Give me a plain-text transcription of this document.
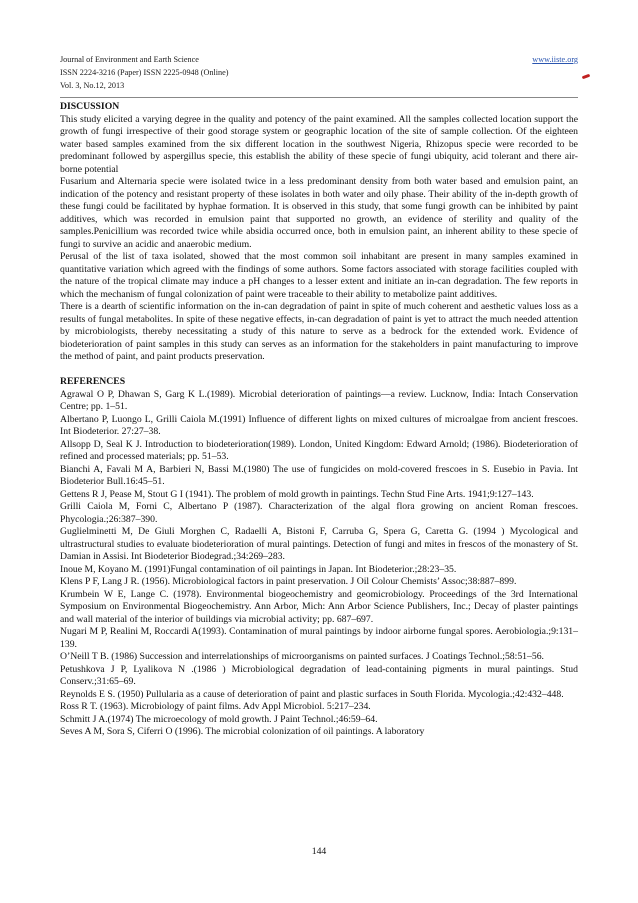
Journal of Environment and Earth Science
ISSN 2224-3216 (Paper) ISSN 2225-0948 (Online)
Vol. 3, No.12, 2013
www.iiste.org
DISCUSSION
This study elicited a varying degree in the quality and potency of the paint examined. All the samples collected location support the growth of fungi irrespective of their good storage system or geographic location of the site of sample collection. Of the eighteen water based samples examined from the six different location in the southwest Nigeria, Rhizopus specie were recorded to be predominant followed by aspergillus specie, this establish the ability of these specie of fungi ubiquity, acid tolerant and there air-borne potential
Fusarium and Alternaria specie were isolated twice in a less predominant density from both water based and emulsion paint, an indication of the potency and resistant property of these isolates in both water and oily phase. Their ability of the in-depth growth of these fungi could be facilitated by hyphae formation. It is observed in this study, that some fungi growth can be inhibited by paint additives, which was recorded in emulsion paint that supported no growth, an evidence of sterility and quality of the samples.Penicillium was recorded twice while absidia occurred once, both in emulsion paint, an inherent ability to these specie of fungi to survive an acidic and anaerobic medium.
Perusal of the list of taxa isolated, showed that the most common soil inhabitant are present in many samples examined in quantitative variation which agreed with the findings of some authors. Some factors associated with storage facilities coupled with the nature of the tropical climate may induce a pH changes to a lesser extent and initiate an in-can degradation. The few reports in which the mechanism of fungal colonization of paint were traceable to their ability to metabolize paint additives.
There is a dearth of scientific information on the in-can degradation of paint in spite of much coherent and aesthetic values loss as a results of fungal metabolites. In spite of these negative effects, in-can degradation of paint is yet to attract the much needed attention by microbiologists, thereby necessitating a study of this nature to serve as a bedrock for the extended work. Evidence of biodeterioration of paint samples in this study can serves as an information for the stakeholders in paint manufacturing to improve the method of paint, and paint products preservation.
REFERENCES
Agrawal O P, Dhawan S, Garg K L.(1989). Microbial deterioration of paintings—a review. Lucknow, India: Intach Conservation Centre; pp. 1–51.
Albertano P, Luongo L, Grilli Caiola M.(1991) Influence of different lights on mixed cultures of microalgae from ancient frescoes. Int Biodeterior. 27:27–38.
Allsopp D, Seal K J. Introduction to biodeterioration(1989). London, United Kingdom: Edward Arnold; (1986). Biodeterioration of refined and processed materials; pp. 51–53.
Bianchi A, Favali M A, Barbieri N, Bassi M.(1980) The use of fungicides on mold-covered frescoes in S. Eusebio in Pavia. Int Biodeterior Bull.16:45–51.
Gettens R J, Pease M, Stout G I (1941). The problem of mold growth in paintings. Techn Stud Fine Arts. 1941;9:127–143.
Grilli Caiola M, Forni C, Albertano P (1987). Characterization of the algal flora growing on ancient Roman frescoes. Phycologia.;26:387–390.
Guglielminetti M, De Giuli Morghen C, Radaelli A, Bistoni F, Carruba G, Spera G, Caretta G. (1994 ) Mycological and ultrastructural studies to evaluate biodeterioration of mural paintings. Detection of fungi and mites in frescos of the monastery of St. Damian in Assisi. Int Biodeterior Biodegrad.;34:269–283.
Inoue M, Koyano M. (1991)Fungal contamination of oil paintings in Japan. Int Biodeterior.;28:23–35.
Klens P F, Lang J R. (1956). Microbiological factors in paint preservation. J Oil Colour Chemists’ Assoc;38:887–899.
Krumbein W E, Lange C. (1978). Environmental biogeochemistry and geomicrobiology. Proceedings of the 3rd International Symposium on Environmental Biogeochemistry. Ann Arbor, Mich: Ann Arbor Science Publishers, Inc.; Decay of plaster paintings and wall material of the interior of buildings via microbial activity; pp. 687–697.
Nugari M P, Realini M, Roccardi A(1993). Contamination of mural paintings by indoor airborne fungal spores. Aerobiologia.;9:131–139.
O’Neill T B. (1986) Succession and interrelationships of microorganisms on painted surfaces. J Coatings Technol.;58:51–56.
Petushkova J P, Lyalikova N .(1986 ) Microbiological degradation of lead-containing pigments in mural paintings. Stud Conserv.;31:65–69.
Reynolds E S. (1950) Pullularia as a cause of deterioration of paint and plastic surfaces in South Florida. Mycologia.;42:432–448.
Ross R T. (1963). Microbiology of paint films. Adv Appl Microbiol. 5:217–234.
Schmitt J A.(1974) The microecology of mold growth. J Paint Technol.;46:59–64.
Seves A M, Sora S, Ciferri O (1996). The microbial colonization of oil paintings. A laboratory
144
